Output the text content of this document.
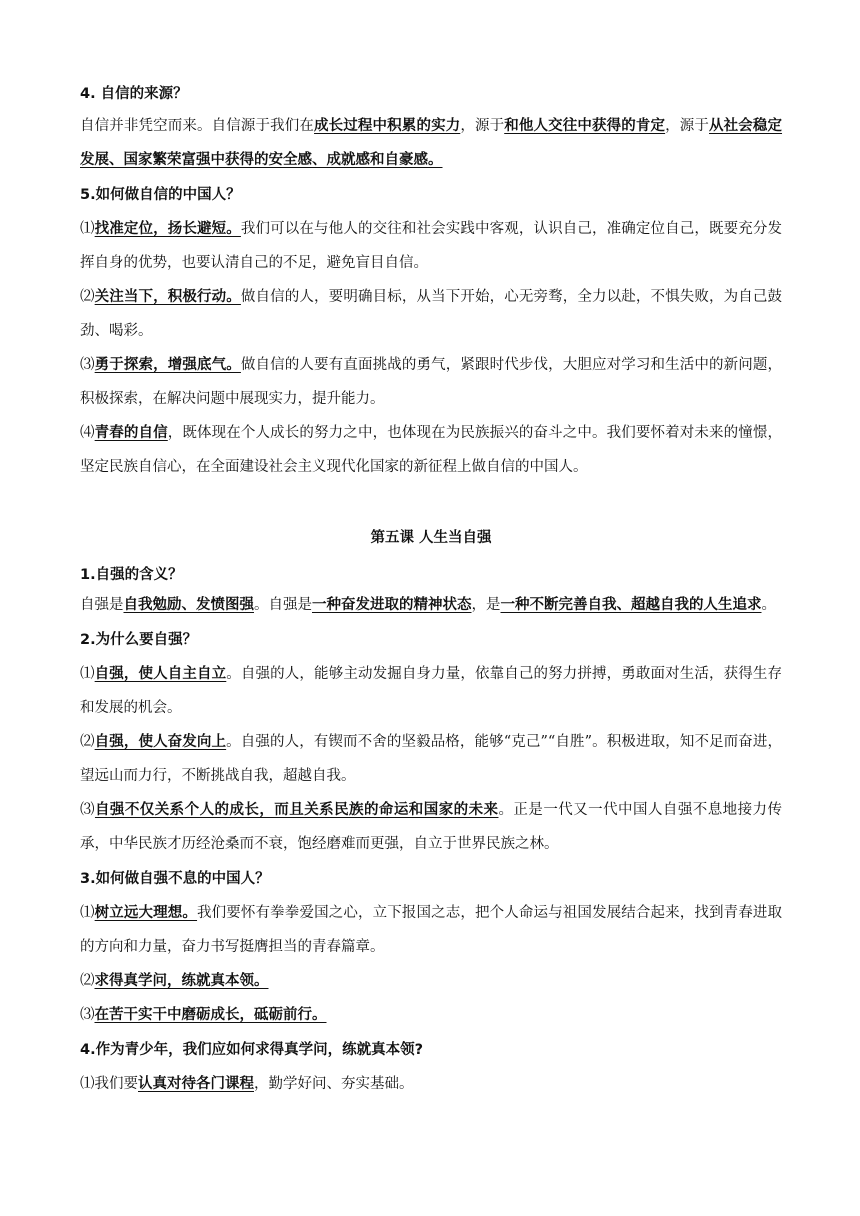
4. 自信的来源？

自信并非凭空而来。自信源于我们在成长过程中积累的实力，源于和他人交往中获得的肯定，源于从社会稳定发展、国家繁荣富强中获得的安全感、成就感和自豪感。

5.如何做自信的中国人？

⑴找准定位，扬长避短。我们可以在与他人的交往和社会实践中客观，认识自己，准确定位自己，既要充分发挥自身的优势，也要认清自己的不足，避免盲目自信。

⑵关注当下，积极行动。做自信的人，要明确目标，从当下开始，心无旁骛，全力以赴，不惧失败，为自己鼓劲、喝彩。

⑶勇于探索，增强底气。做自信的人要有直面挑战的勇气，紧跟时代步伐，大胆应对学习和生活中的新问题，积极探索，在解决问题中展现实力，提升能力。

⑷青春的自信，既体现在个人成长的努力之中，也体现在为民族振兴的奋斗之中。我们要怀着对未来的憧憬，坚定民族自信心，在全面建设社会主义现代化国家的新征程上做自信的中国人。

第五课 人生当自强

1.自强的含义？

自强是自我勉励、发愤图强。自强是一种奋发进取的精神状态，是一种不断完善自我、超越自我的人生追求。

2.为什么要自强？

⑴自强，使人自主自立。自强的人，能够主动发掘自身力量，依靠自己的努力拼搏，勇敢面对生活，获得生存和发展的机会。

⑵自强，使人奋发向上。自强的人，有锲而不舍的坚毅品格，能够“克己”“自胜”。积极进取，知不足而奋进，望远山而力行，不断挑战自我，超越自我。

⑶自强不仅关系个人的成长，而且关系民族的命运和国家的未来。正是一代又一代中国人自强不息地接力传承，中华民族才历经沧桑而不衰，饱经磨难而更强，自立于世界民族之林。

3.如何做自强不息的中国人？

⑴树立远大理想。我们要怀有拳拳爱国之心，立下报国之志，把个人命运与祖国发展结合起来，找到青春进取的方向和力量，奋力书写挺膺担当的青春篇章。

⑵求得真学问，练就真本领。

⑶在苦干实干中磨砺成长，砥砺前行。

4.作为青少年，我们应如何求得真学问，练就真本领?

⑴我们要认真对待各门课程，勤学好问、夯实基础。
